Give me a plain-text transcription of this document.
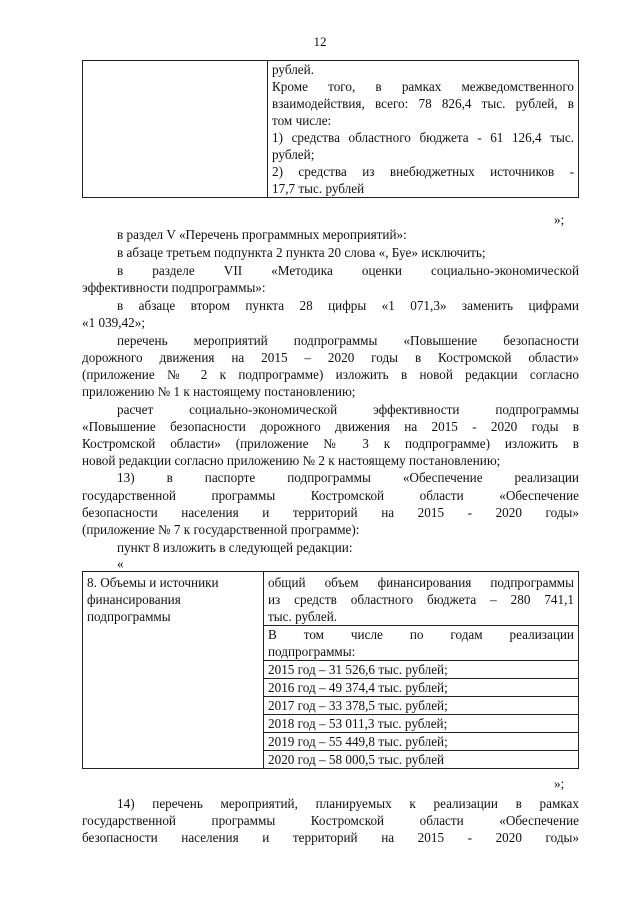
12

рублей.
Кроме того, в рамках межведомственного
взаимодействия, всего: 78 826,4 тыс. рублей, в
том числе:
1) средства областного бюджета - 61 126,4 тыс.
рублей;
2) средства из внебюджетных источников -
17,7 тыс. рублей
»;
в раздел V «Перечень программных мероприятий»:
в абзаце третьем подпункта 2 пункта 20 слова «, Буе» исключить;
в разделе VII «Методика оценки социально-экономической
эффективности подпрограммы»:
в абзаце втором пункта 28 цифры «1 071,3» заменить цифрами
«1 039,42»;
перечень мероприятий подпрограммы «Повышение безопасности
дорожного движения на 2015 – 2020 годы в Костромской области»
(приложение № 2 к подпрограмме) изложить в новой редакции согласно
приложению № 1 к настоящему постановлению;
расчет социально-экономической эффективности подпрограммы
«Повышение безопасности дорожного движения на 2015 - 2020 годы в
Костромской области» (приложение № 3 к подпрограмме) изложить в
новой редакции согласно приложению № 2 к настоящему постановлению;
13) в паспорте подпрограммы «Обеспечение реализации
государственной программы Костромской области «Обеспечение
безопасности населения и территорий на 2015 - 2020 годы»
(приложение № 7 к государственной программе):
пункт 8 изложить в следующей редакции:
«
8. Объемы и источники
финансирования
подпрограммы

общий объем финансирования подпрограммы
из средств областного бюджета – 280 741,1
тыс. рублей.
В том числе по годам реализации
подпрограммы:
2015 год – 31 526,6 тыс. рублей;
2016 год – 49 374,4 тыс. рублей;
2017 год – 33 378,5 тыс. рублей;
2018 год – 53 011,3 тыс. рублей;
2019 год – 55 449,8 тыс. рублей;
2020 год – 58 000,5 тыс. рублей
»;
14) перечень мероприятий, планируемых к реализации в рамках
государственной программы Костромской области «Обеспечение
безопасности населения и территорий на 2015 - 2020 годы»
